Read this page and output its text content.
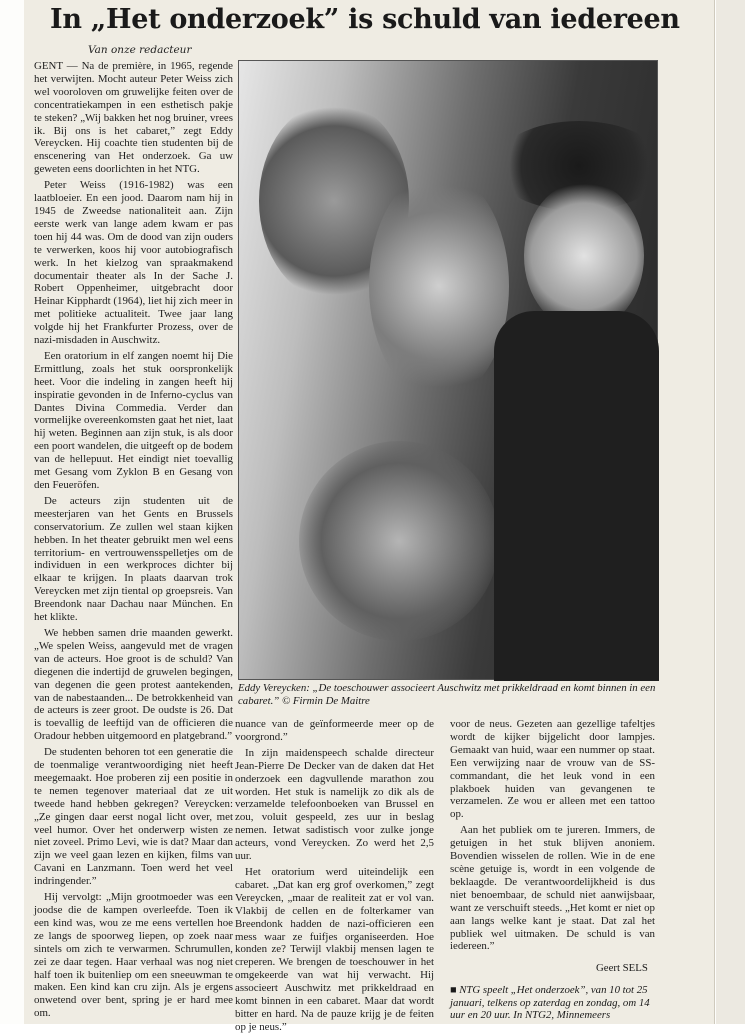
In „Het onderzoek” is schuld van iedereen
Van onze redacteur

GENT — Na de première, in 1965, regende het verwijten. Mocht auteur Peter Weiss zich wel vooroloven om gruwelijke feiten over de concentratiekampen in een esthetisch pakje te steken? „Wij bakken het nog bruiner, vrees ik. Bij ons is het cabaret,” zegt Eddy Vereycken. Hij coachte tien studenten bij de enscenering van Het onderzoek. Ga uw geweten eens doorlichten in het NTG.

Peter Weiss (1916-1982) was een laatbloeier. En een jood. Daarom nam hij in 1945 de Zweedse nationaliteit aan. Zijn eerste werk van lange adem kwam er pas toen hij 44 was. Om de dood van zijn ouders te verwerken, koos hij voor autobiografisch werk. In het kielzog van spraakmakend documentair theater als In der Sache J. Robert Oppenheimer, uitgebracht door Heinar Kipphardt (1964), liet hij zich meer in met politieke actualiteit. Twee jaar lang volgde hij het Frankfurter Prozess, over de nazi-misdaden in Auschwitz.

Een oratorium in elf zangen noemt hij Die Ermittlung, zoals het stuk oorspronkelijk heet. Voor die indeling in zangen heeft hij inspiratie gevonden in de Inferno-cyclus van Dantes Divina Commedia. Verder dan vormelijke overeenkomsten gaat het niet, laat hij weten. Beginnen aan zijn stuk, is als door een poort wandelen, die uitgeeft op de bodem van de hellepuut. Het eindigt niet toevallig met Gesang vom Zyklon B en Gesang von den Feueröfen.

De acteurs zijn studenten uit de meesterjaren van het Gents en Brussels conservatorium. Ze zullen wel staan kijken hebben. In het theater gebruikt men wel eens territorium- en vertrouwensspelletjes om de individuen in een werkproces dichter bij elkaar te krijgen. In plaats daarvan trok Vereycken met zijn tiental op groepsreis. Van Breendonk naar Dachau naar München. En het klikte.

We hebben samen drie maanden gewerkt. „We spelen Weiss, aangevuld met de vragen van de acteurs. Hoe groot is de schuld? Van diegenen die indertijd de gruwelen begingen, van degenen die geen protest aantekenden, van de nabestaanden... De betrokkenheid van de acteurs is zeer groot. De oudste is 26. Dat is toevallig de leeftijd van de officieren die Oradour hebben uitgemoord en platgebrand.”

De studenten behoren tot een generatie die de toenmalige verantwoordiging niet heeft meegemaakt. Hoe proberen zij een positie in te nemen tegenover materiaal dat ze uit tweede hand hebben gekregen? Vereycken: „Ze gingen daar eerst nogal licht over, met veel humor. Over het onderwerp wisten ze niet zoveel. Primo Levi, wie is dat? Maar dan zijn we veel gaan lezen en kijken, films van Cavani en Lanzmann. Toen werd het veel indringender.”

Hij vervolgt: „Mijn grootmoeder was een joodse die de kampen overleefde. Toen ik een kind was, wou ze me eens vertellen hoe ze langs de spoorweg liepen, op zoek naar sintels om zich te verwarmen. Schrumullen, zei ze daar tegen. Haar verhaal was nog niet half toen ik buitenliep om een sneeuwman te maken. Een kind kan cru zijn. Als je ergens onwetend over bent, spring je er hard mee om.

Eddy Vereycken: „De toeschouwer associeert Auschwitz met prikkeldraad en komt binnen in een cabaret.” © Firmin De Maitre

nuance van de geïnformeerde meer op de voorgrond.”

In zijn maidenspeech schalde directeur Jean-Pierre De Decker van de daken dat Het onderzoek een dagvullende marathon zou worden. Het stuk is namelijk zo dik als de verzamelde telefoonboeken van Brussel en zou, voluit gespeeld, zes uur in beslag nemen. Ietwat sadistisch voor zulke jonge acteurs, vond Vereycken. Zo werd het 2,5 uur.

Het oratorium werd uiteindelijk een cabaret. „Dat kan erg grof overkomen,” zegt Vereycken, „maar de realiteit zat er vol van. Vlakbij de cellen en de folterkamer van Breendonk hadden de nazi-officieren een mess waar ze fuifjes organiseerden. Hoe konden ze? Terwijl vlakbij mensen lagen te creperen. We brengen de toeschouwer in het omgekeerde van wat hij verwacht. Hij associeert Auschwitz met prikkeldraad en komt binnen in een cabaret. Maar dat wordt bitter en hard. Na de pauze krijg je de feiten op je neus.”

voor de neus. Gezeten aan gezellige tafeltjes wordt de kijker bijgelicht door lampjes. Gemaakt van huid, waar een nummer op staat. Een verwijzing naar de vrouw van de SS-commandant, die het leuk vond in een plakboek huiden van gevangenen te verzamelen. Ze wou er alleen met een tattoo op.

Aan het publiek om te jureren. Immers, de getuigen in het stuk blijven anoniem. Bovendien wisselen de rollen. Wie in de ene scène getuige is, wordt in een volgende de beklaagde. De verantwoordelijkheid is dus niet benoembaar, de schuld niet aanwijsbaar, want ze verschuift steeds. „Het komt er niet op aan langs welke kant je staat. Dat zal het publiek wel uitmaken. De schuld is van iedereen.”

Geert SELS
■ NTG speelt „Het onderzoek”, van 10 tot 25 januari, telkens op zaterdag en zondag, om 14 uur en 20 uur. In NTG2, Minnemeers
